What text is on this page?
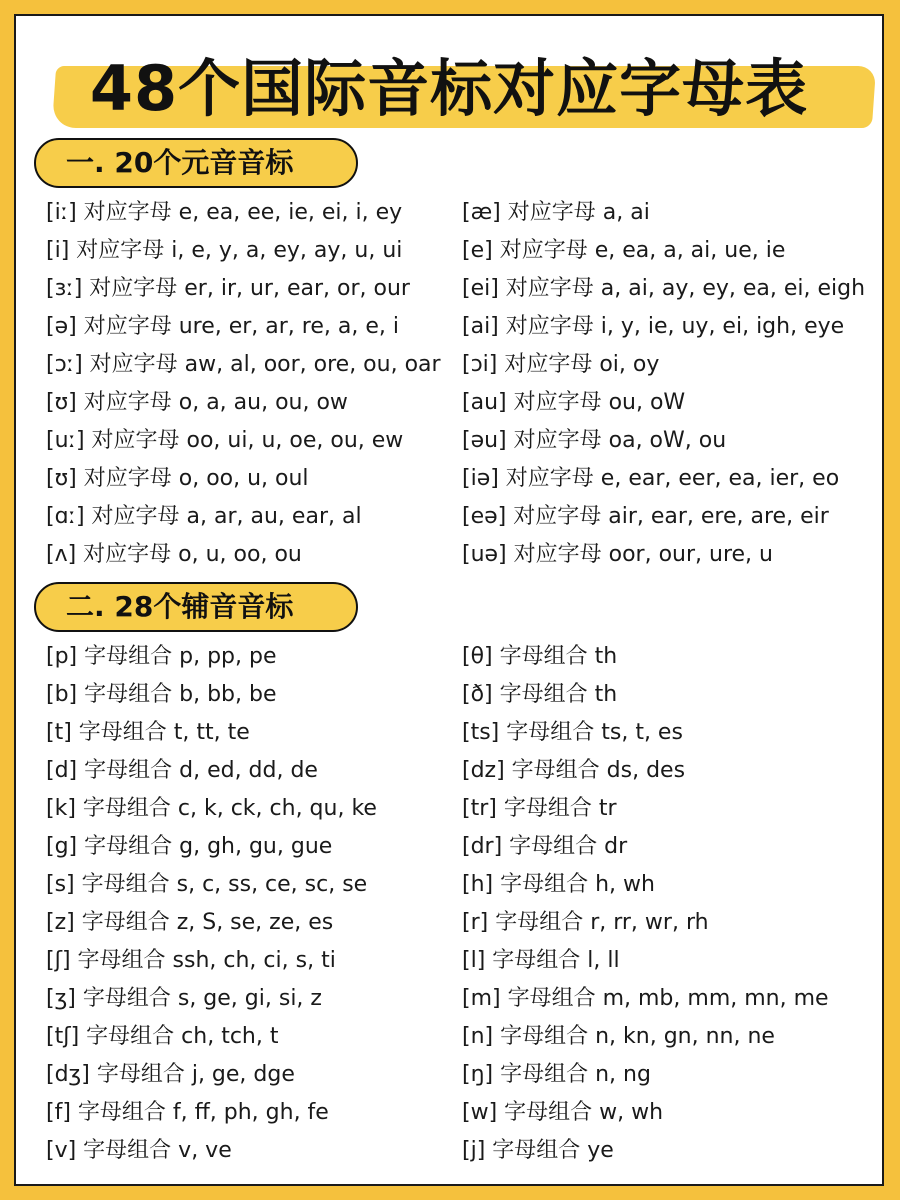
48个国际音标对应字母表
一. 20个元音音标
[iː] 对应字母 e, ea, ee, ie, ei, i, ey
[i] 对应字母 i, e, y, a, ey, ay, u, ui
[ɜː] 对应字母 er, ir, ur, ear, or, our
[ə] 对应字母 ure, er, ar, re, a, e, i
[ɔː] 对应字母 aw, al, oor, ore, ou, oar
[ʊ] 对应字母 o, a, au, ou, ow
[uː] 对应字母 oo, ui, u, oe, ou, ew
[ʊ] 对应字母 o, oo, u, oul
[ɑː] 对应字母 a, ar, au, ear, al
[ʌ] 对应字母 o, u, oo, ou
[æ] 对应字母 a, ai
[e] 对应字母 e, ea, a, ai, ue, ie
[ei] 对应字母 a, ai, ay, ey, ea, ei, eigh
[ai] 对应字母 i, y, ie, uy, ei, igh, eye
[ɔi] 对应字母 oi, oy
[au] 对应字母 ou, oW
[əu] 对应字母 oa, oW, ou
[iə] 对应字母 e, ear, eer, ea, ier, eo
[eə] 对应字母 air, ear, ere, are, eir
[uə] 对应字母 oor, our, ure, u
二. 28个辅音音标
[p] 字母组合 p, pp, pe
[b] 字母组合 b, bb, be
[t] 字母组合 t, tt, te
[d] 字母组合 d, ed, dd, de
[k] 字母组合 c, k, ck, ch, qu, ke
[g] 字母组合 g, gh, gu, gue
[s] 字母组合 s, c, ss, ce, sc, se
[z] 字母组合 z, S, se, ze, es
[ʃ] 字母组合 ssh, ch, ci, s, ti
[ʒ] 字母组合 s, ge, gi, si, z
[tʃ] 字母组合 ch, tch, t
[dʒ] 字母组合 j, ge, dge
[f] 字母组合 f, ff, ph, gh, fe
[v] 字母组合 v, ve
[θ] 字母组合 th
[ð] 字母组合 th
[ts] 字母组合 ts, t, es
[dz] 字母组合 ds, des
[tr] 字母组合 tr
[dr] 字母组合 dr
[h] 字母组合 h, wh
[r] 字母组合 r, rr, wr, rh
[l] 字母组合 l, ll
[m] 字母组合 m, mb, mm, mn, me
[n] 字母组合 n, kn, gn, nn, ne
[ŋ] 字母组合 n, ng
[w] 字母组合 w, wh
[j] 字母组合 ye
